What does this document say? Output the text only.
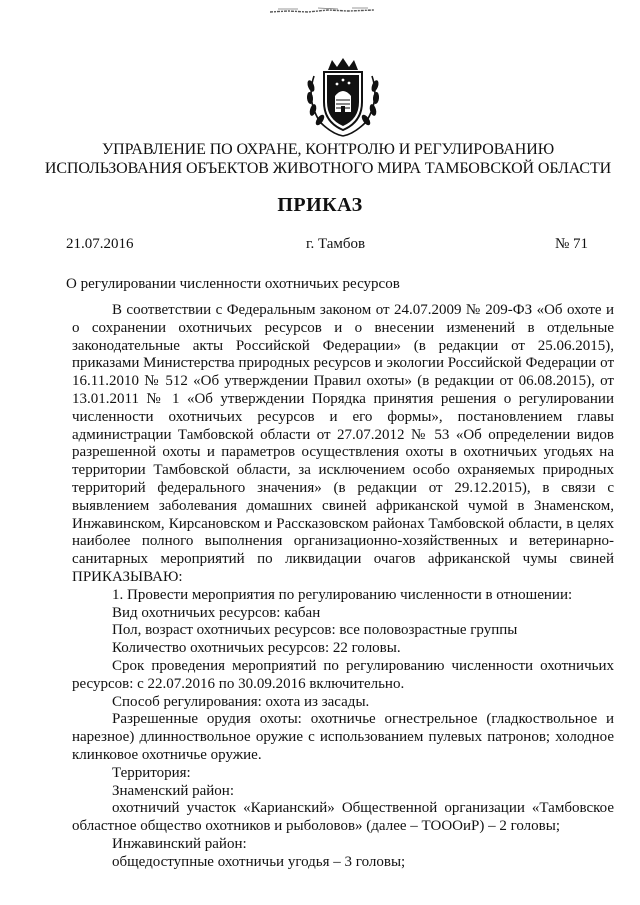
УПРАВЛЕНИЕ ПО ОХРАНЕ, КОНТРОЛЮ И РЕГУЛИРОВАНИЮ
ИСПОЛЬЗОВАНИЯ ОБЪЕКТОВ ЖИВОТНОГО МИРА ТАМБОВСКОЙ ОБЛАСТИ
ПРИКАЗ
21.07.2016	г. Тамбов	№ 71
О регулировании численности охотничьих ресурсов

В соответствии с Федеральным законом от 24.07.2009 № 209-ФЗ «Об охоте и о сохранении охотничьих ресурсов и о внесении изменений в отдельные законодательные акты Российской Федерации» (в редакции от 25.06.2015), приказами Министерства природных ресурсов и экологии Российской Федерации от 16.11.2010 № 512 «Об утверждении Правил охоты» (в редакции от 06.08.2015), от 13.01.2011 № 1 «Об утверждении Порядка принятия решения о регулировании численности охотничьих ресурсов и его формы», постановлением главы администрации Тамбовской области от 27.07.2012 № 53 «Об определении видов разрешенной охоты и параметров осуществления охоты в охотничьих угодьях на территории Тамбовской области, за исключением особо охраняемых природных территорий федерального значения» (в редакции от 29.12.2015), в связи с выявлением заболевания домашних свиней африканской чумой в Знаменском, Инжавинском, Кирсановском и Рассказовском районах Тамбовской области, в целях наиболее полного выполнения организационно-хозяйственных и ветеринарно-санитарных мероприятий по ликвидации очагов африканской чумы свиней ПРИКАЗЫВАЮ:

1. Провести мероприятия по регулированию численности в отношении:

Вид охотничьих ресурсов: кабан

Пол, возраст охотничьих ресурсов: все половозрастные группы

Количество охотничьих ресурсов: 22 головы.

Срок проведения мероприятий по регулированию численности охотничьих ресурсов: с 22.07.2016 по 30.09.2016 включительно.

Способ регулирования: охота из засады.

Разрешенные орудия охоты: охотничье огнестрельное (гладкоствольное и нарезное) длинноствольное оружие с использованием пулевых патронов; холодное клинковое охотничье оружие.

Территория:

Знаменский район:

охотничий участок «Карианский» Общественной организации «Тамбовское областное общество охотников и рыболовов» (далее – ТОООиР) – 2 головы;

Инжавинский район:

общедоступные охотничьи угодья – 3 головы;
